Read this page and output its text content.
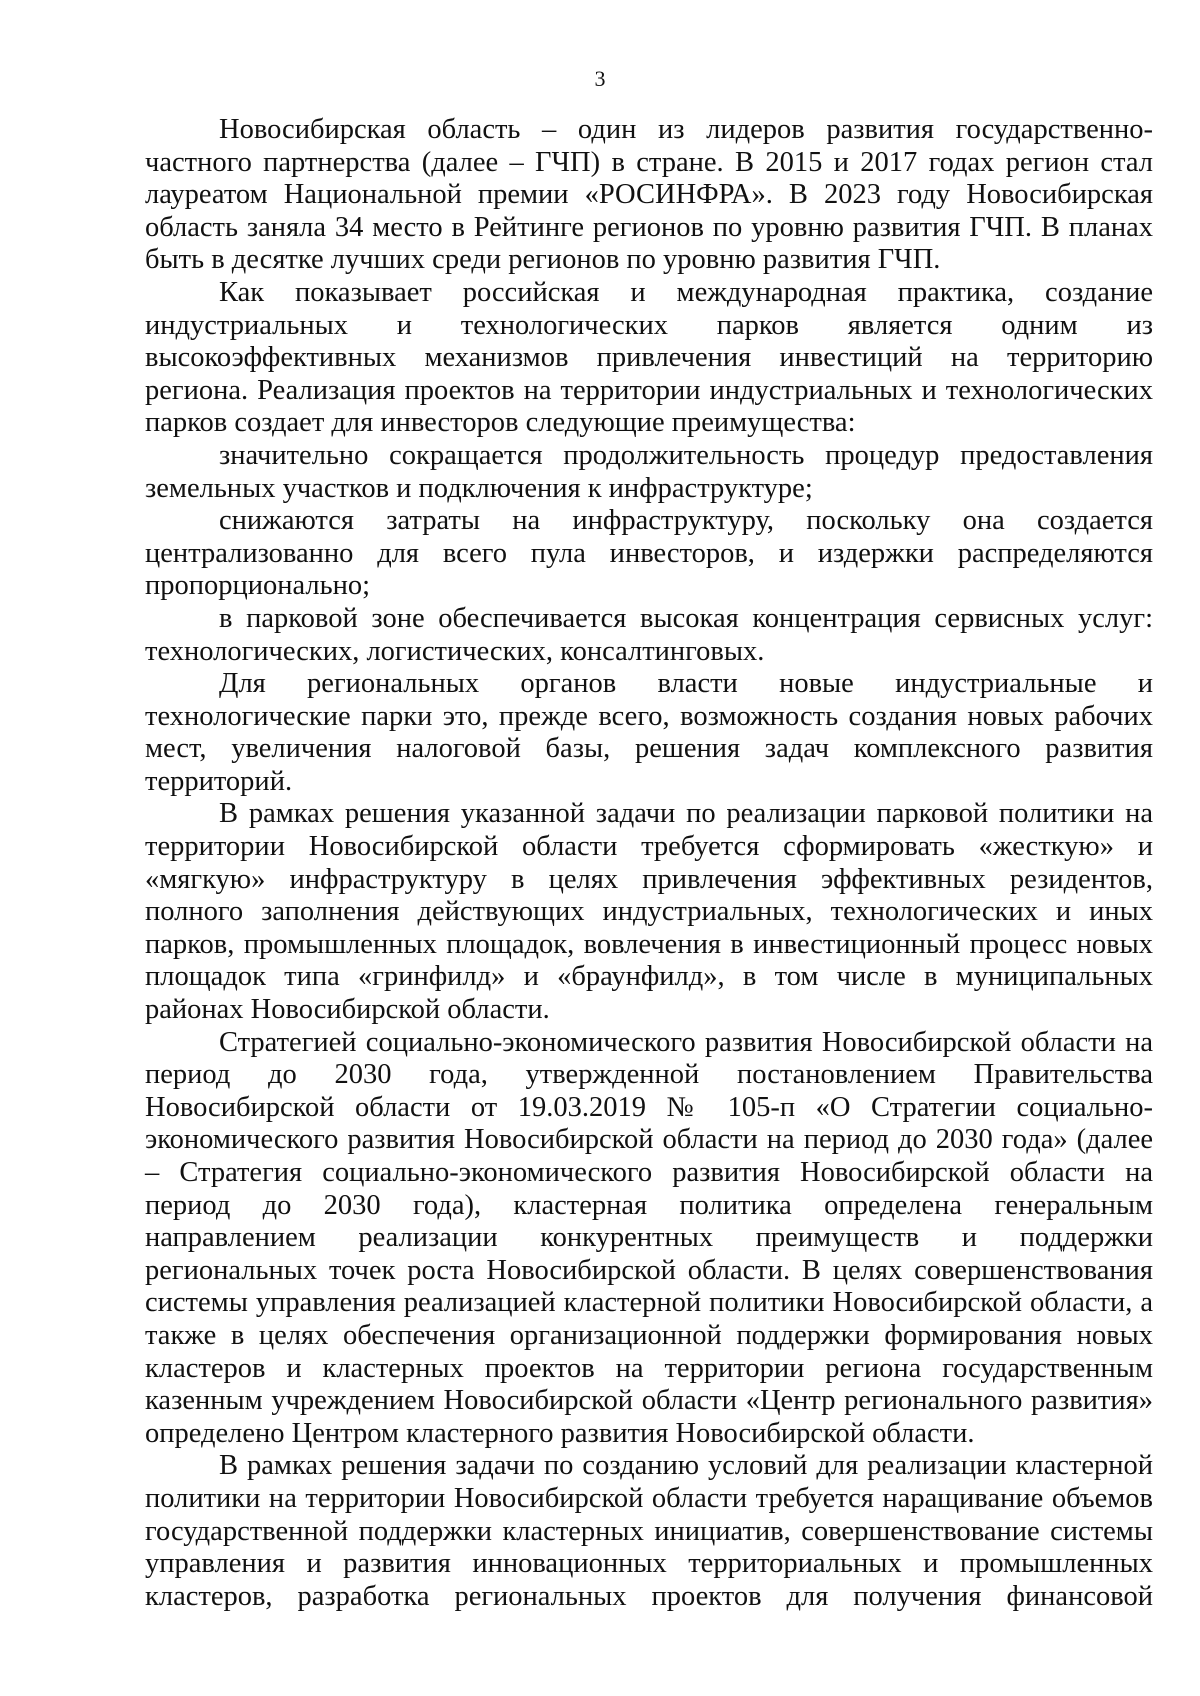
3

Новосибирская область – один из лидеров развития государственно-частного партнерства (далее – ГЧП) в стране. В 2015 и 2017 годах регион стал лауреатом Национальной премии «РОСИНФРА». В 2023 году Новосибирская область заняла 34 место в Рейтинге регионов по уровню развития ГЧП. В планах быть в десятке лучших среди регионов по уровню развития ГЧП.

Как показывает российская и международная практика, создание индустриальных и технологических парков является одним из высокоэффективных механизмов привлечения инвестиций на территорию региона. Реализация проектов на территории индустриальных и технологических парков создает для инвесторов следующие преимущества:

значительно сокращается продолжительность процедур предоставления земельных участков и подключения к инфраструктуре;

снижаются затраты на инфраструктуру, поскольку она создается централизованно для всего пула инвесторов, и издержки распределяются пропорционально;

в парковой зоне обеспечивается высокая концентрация сервисных услуг: технологических, логистических, консалтинговых.

Для региональных органов власти новые индустриальные и технологические парки это, прежде всего, возможность создания новых рабочих мест, увеличения налоговой базы, решения задач комплексного развития территорий.

В рамках решения указанной задачи по реализации парковой политики на территории Новосибирской области требуется сформировать «жесткую» и «мягкую» инфраструктуру в целях привлечения эффективных резидентов, полного заполнения действующих индустриальных, технологических и иных парков, промышленных площадок, вовлечения в инвестиционный процесс новых площадок типа «гринфилд» и «браунфилд», в том числе в муниципальных районах Новосибирской области.

Стратегией социально-экономического развития Новосибирской области на период до 2030 года, утвержденной постановлением Правительства Новосибирской области от 19.03.2019 № 105-п «О Стратегии социально-экономического развития Новосибирской области на период до 2030 года» (далее – Стратегия социально-экономического развития Новосибирской области на период до 2030 года), кластерная политика определена генеральным направлением реализации конкурентных преимуществ и поддержки региональных точек роста Новосибирской области. В целях совершенствования системы управления реализацией кластерной политики Новосибирской области, а также в целях обеспечения организационной поддержки формирования новых кластеров и кластерных проектов на территории региона государственным казенным учреждением Новосибирской области «Центр регионального развития» определено Центром кластерного развития Новосибирской области.

В рамках решения задачи по созданию условий для реализации кластерной политики на территории Новосибирской области требуется наращивание объемов государственной поддержки кластерных инициатив, совершенствование системы управления и развития инновационных территориальных и промышленных кластеров, разработка региональных проектов для получения финансовой
